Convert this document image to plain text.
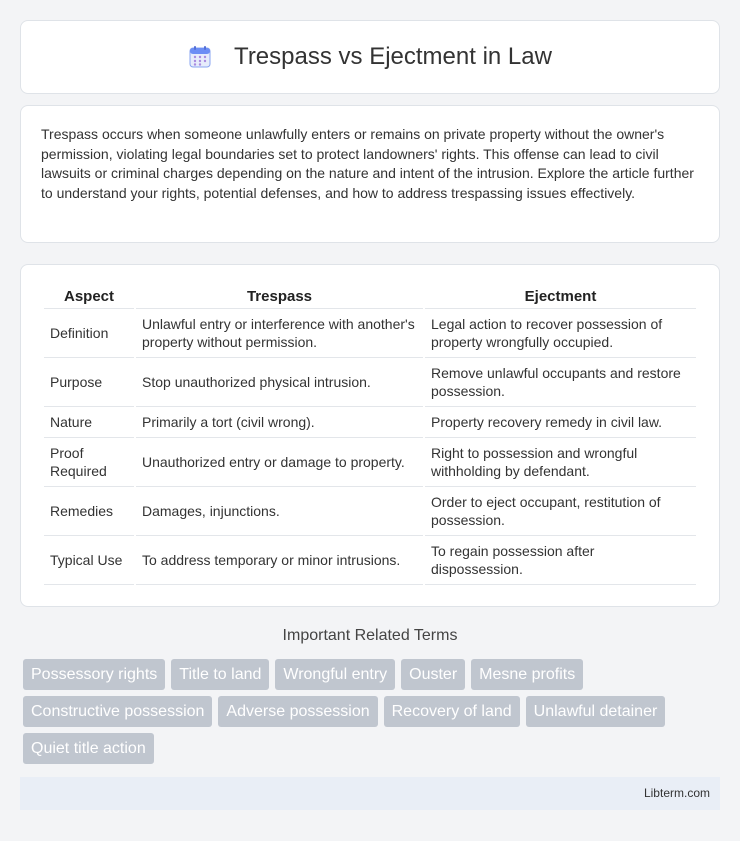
Trespass vs Ejectment in Law

Trespass occurs when someone unlawfully enters or remains on private property without the owner's permission, violating legal boundaries set to protect landowners' rights. This offense can lead to civil lawsuits or criminal charges depending on the nature and intent of the intrusion. Explore the article further to understand your rights, potential defenses, and how to address trespassing issues effectively.

Aspect	Trespass	Ejectment
Definition	Unlawful entry or interference with another's property without permission.	Legal action to recover possession of property wrongfully occupied.
Purpose	Stop unauthorized physical intrusion.	Remove unlawful occupants and restore possession.
Nature	Primarily a tort (civil wrong).	Property recovery remedy in civil law.
Proof Required	Unauthorized entry or damage to property.	Right to possession and wrongful withholding by defendant.
Remedies	Damages, injunctions.	Order to eject occupant, restitution of possession.
Typical Use	To address temporary or minor intrusions.	To regain possession after dispossession.
Important Related Terms
Possessory rights	Title to land	Wrongful entry	Ouster	Mesne profits
Constructive possession	Adverse possession	Recovery of land	Unlawful detainer
Quiet title action
Libterm.com
